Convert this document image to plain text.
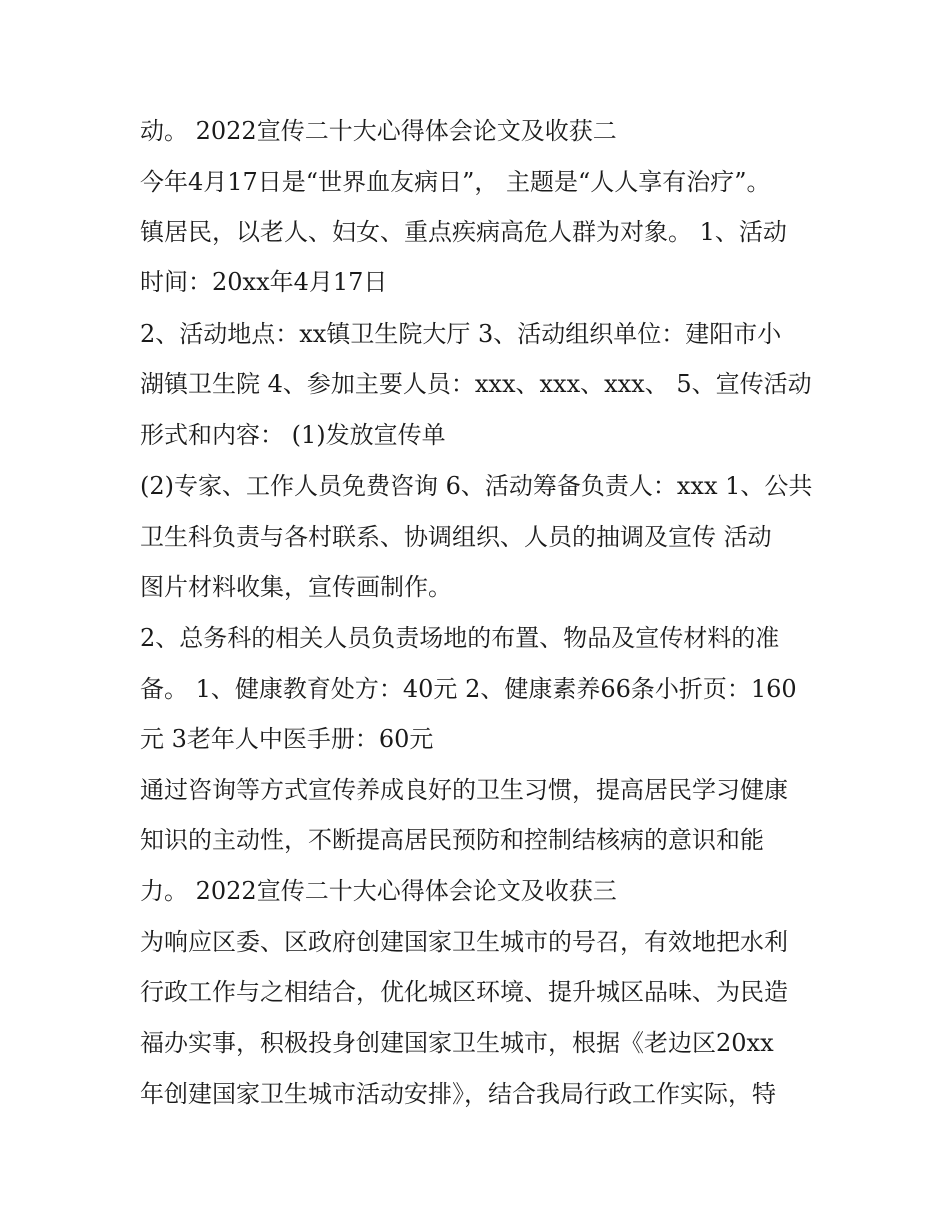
动。 2022宣传二十大心得体会论文及收获二

今年4月17日是“世界血友病日”， 主题是“人人享有治疗”。

镇居民，以老人、妇女、重点疾病高危人群为对象。 1、活动

时间：20xx年4月17日

2、活动地点：xx镇卫生院大厅 3、活动组织单位：建阳市小

湖镇卫生院 4、参加主要人员：xxx、xxx、xxx、 5、宣传活动

形式和内容： (1)发放宣传单

(2)专家、工作人员免费咨询 6、活动筹备负责人：xxx 1、公共

卫生科负责与各村联系、协调组织、人员的抽调及宣传 活动

图片材料收集，宣传画制作。

2、总务科的相关人员负责场地的布置、物品及宣传材料的准

备。 1、健康教育处方：40元 2、健康素养66条小折页：160

元 3老年人中医手册：60元

通过咨询等方式宣传养成良好的卫生习惯，提高居民学习健康

知识的主动性，不断提高居民预防和控制结核病的意识和能

力。 2022宣传二十大心得体会论文及收获三

为响应区委、区政府创建国家卫生城市的号召，有效地把水利

行政工作与之相结合，优化城区环境、提升城区品味、为民造

福办实事，积极投身创建国家卫生城市，根据《老边区20xx

年创建国家卫生城市活动安排》，结合我局行政工作实际，特
